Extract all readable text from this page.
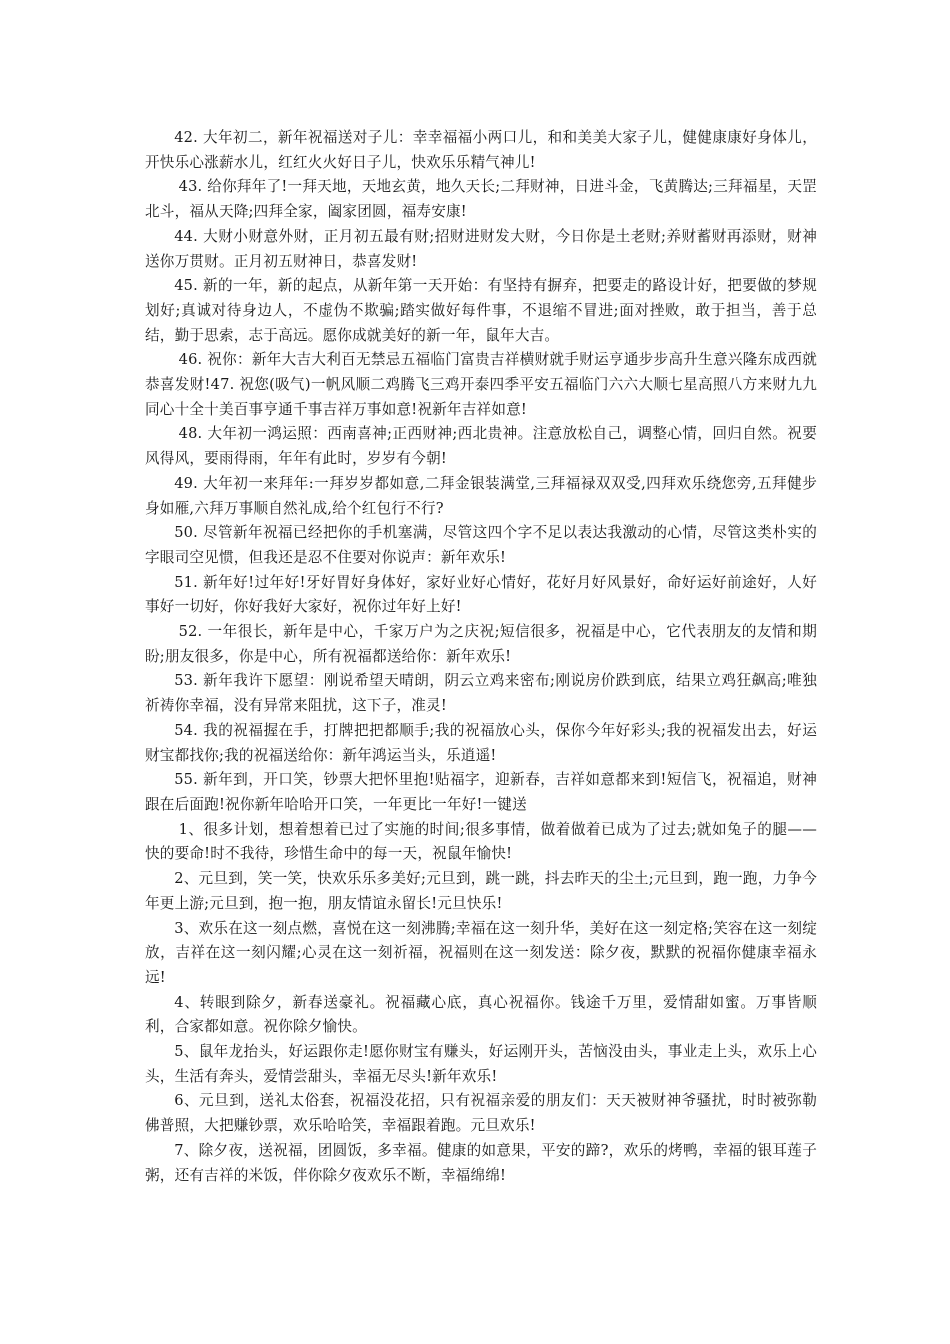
42. 大年初二，新年祝福送对子儿：幸幸福福小两口儿，和和美美大家子儿，健健康康好身体儿，开快乐心涨薪水儿，红红火火好日子儿，快欢乐乐精气神儿!

43. 给你拜年了!一拜天地，天地玄黄，地久天长;二拜财神，日进斗金，飞黄腾达;三拜福星，天罡北斗，福从天降;四拜全家，阖家团圆，福寿安康!

44. 大财小财意外财，正月初五最有财;招财进财发大财，今日你是土老财;养财蓄财再添财，财神送你万贯财。正月初五财神日，恭喜发财!

45. 新的一年，新的起点，从新年第一天开始：有坚持有摒弃，把要走的路设计好，把要做的梦规划好;真诚对待身边人，不虚伪不欺骗;踏实做好每件事，不退缩不冒进;面对挫败，敢于担当，善于总结，勤于思索，志于高远。愿你成就美好的新一年，鼠年大吉。

46. 祝你：新年大吉大利百无禁忌五福临门富贵吉祥横财就手财运亨通步步高升生意兴隆东成西就恭喜发财!47. 祝您(吸气)一帆风顺二鸡腾飞三鸡开泰四季平安五福临门六六大顺七星高照八方来财九九同心十全十美百事亨通千事吉祥万事如意!祝新年吉祥如意!

48. 大年初一鸿运照：西南喜神;正西财神;西北贵神。注意放松自己，调整心情，回归自然。祝要风得风，要雨得雨，年年有此时，岁岁有今朝!

49. 大年初一来拜年:一拜岁岁都如意,二拜金银装满堂,三拜福禄双双受,四拜欢乐绕您旁,五拜健步身如雁,六拜万事顺自然礼成,给个红包行不行?

50. 尽管新年祝福已经把你的手机塞满，尽管这四个字不足以表达我激动的心情，尽管这类朴实的字眼司空见惯，但我还是忍不住要对你说声：新年欢乐!

51. 新年好!过年好!牙好胃好身体好，家好业好心情好，花好月好风景好，命好运好前途好，人好事好一切好，你好我好大家好，祝你过年好上好!

52. 一年很长，新年是中心，千家万户为之庆祝;短信很多，祝福是中心，它代表朋友的友情和期盼;朋友很多，你是中心，所有祝福都送给你：新年欢乐!

53. 新年我许下愿望：刚说希望天晴朗，阴云立鸡来密布;刚说房价跌到底，结果立鸡狂飙高;唯独祈祷你幸福，没有异常来阻扰，这下子，准灵!

54. 我的祝福握在手，打牌把把都顺手;我的祝福放心头，保你今年好彩头;我的祝福发出去，好运财宝都找你;我的祝福送给你：新年鸿运当头，乐逍遥!

55. 新年到，开口笑，钞票大把怀里抱!贴福字，迎新春，吉祥如意都来到!短信飞，祝福追，财神跟在后面跑!祝你新年哈哈开口笑，一年更比一年好!一键送

1、很多计划，想着想着已过了实施的时间;很多事情，做着做着已成为了过去;就如兔子的腿——快的要命!时不我待，珍惜生命中的每一天，祝鼠年愉快!

2、元旦到，笑一笑，快欢乐乐多美好;元旦到，跳一跳，抖去昨天的尘土;元旦到，跑一跑，力争今年更上游;元旦到，抱一抱，朋友情谊永留长!元旦快乐!

3、欢乐在这一刻点燃，喜悦在这一刻沸腾;幸福在这一刻升华，美好在这一刻定格;笑容在这一刻绽放，吉祥在这一刻闪耀;心灵在这一刻祈福，祝福则在这一刻发送：除夕夜，默默的祝福你健康幸福永远!

4、转眼到除夕，新春送豪礼。祝福藏心底，真心祝福你。钱途千万里，爱情甜如蜜。万事皆顺利，合家都如意。祝你除夕愉快。

5、鼠年龙抬头，好运跟你走!愿你财宝有赚头，好运刚开头，苦恼没由头，事业走上头，欢乐上心头，生活有奔头，爱情尝甜头，幸福无尽头!新年欢乐!

6、元旦到，送礼太俗套，祝福没花招，只有祝福亲爱的朋友们：天天被财神爷骚扰，时时被弥勒佛普照，大把赚钞票，欢乐哈哈笑，幸福跟着跑。元旦欢乐!

7、除夕夜，送祝福，团圆饭，多幸福。健康的如意果，平安的蹄?，欢乐的烤鸭，幸福的银耳莲子粥，还有吉祥的米饭，伴你除夕夜欢乐不断，幸福绵绵!
